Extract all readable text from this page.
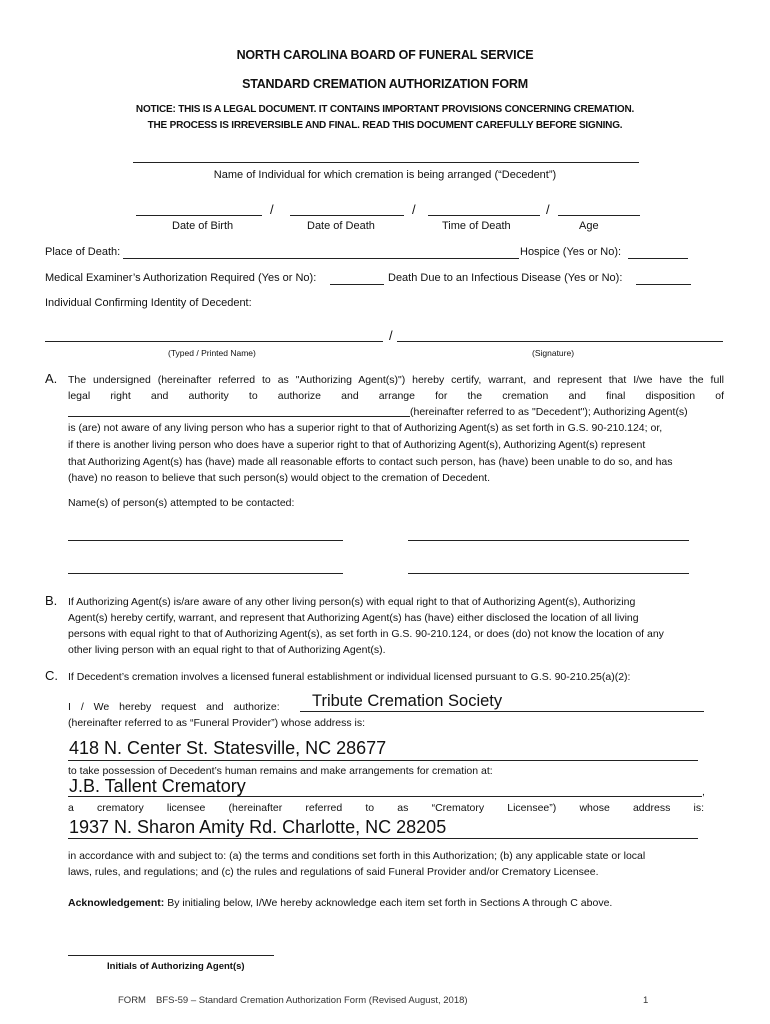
NORTH CAROLINA BOARD OF FUNERAL SERVICE
STANDARD CREMATION AUTHORIZATION FORM
NOTICE: THIS IS A LEGAL DOCUMENT. IT CONTAINS IMPORTANT PROVISIONS CONCERNING CREMATION.
THE PROCESS IS IRREVERSIBLE AND FINAL. READ THIS DOCUMENT CAREFULLY BEFORE SIGNING.
Name of Individual for which cremation is being arranged (“Decedent”)
/	/	/
Date of Birth	Date of Death	Time of Death	Age
Place of Death:	Hospice (Yes or No):
Medical Examiner’s Authorization Required (Yes or No):	Death Due to an Infectious Disease (Yes or No):
Individual Confirming Identity of Decedent:
/
(Typed / Printed Name)	(Signature)
A. The undersigned (hereinafter referred to as "Authorizing Agent(s)") hereby certify, warrant, and represent that I/we have the full
legal right and authority to authorize and arrange for the cremation and final disposition of
(hereinafter referred to as "Decedent"); Authorizing Agent(s)
is (are) not aware of any living person who has a superior right to that of Authorizing Agent(s) as set forth in G.S. 90-210.124; or,
if there is another living person who does have a superior right to that of Authorizing Agent(s), Authorizing Agent(s) represent
that Authorizing Agent(s) has (have) made all reasonable efforts to contact such person, has (have) been unable to do so, and has
(have) no reason to believe that such person(s) would object to the cremation of Decedent.
Name(s) of person(s) attempted to be contacted:
B. If Authorizing Agent(s) is/are aware of any other living person(s) with equal right to that of Authorizing Agent(s), Authorizing
Agent(s) hereby certify, warrant, and represent that Authorizing Agent(s) has (have) either disclosed the location of all living
persons with equal right to that of Authorizing Agent(s), as set forth in G.S. 90-210.124, or does (do) not know the location of any
other living person with an equal right to that of Authorizing Agent(s).
C. If Decedent’s cremation involves a licensed funeral establishment or individual licensed pursuant to G.S. 90-210.25(a)(2):
I / We hereby request and authorize: Tribute Cremation Society
(hereinafter referred to as “Funeral Provider”) whose address is:
418 N. Center St. Statesville, NC 28677
to take possession of Decedent’s human remains and make arrangements for cremation at:
J.B. Tallent Crematory	,
a crematory licensee (hereinafter referred to as “Crematory Licensee”) whose address is:
1937 N. Sharon Amity Rd. Charlotte, NC 28205
in accordance with and subject to: (a) the terms and conditions set forth in this Authorization; (b) any applicable state or local
laws, rules, and regulations; and (c) the rules and regulations of said Funeral Provider and/or Crematory Licensee.
Acknowledgement: By initialing below, I/We hereby acknowledge each item set forth in Sections A through C above.
Initials of Authorizing Agent(s)
FORM BFS-59 – Standard Cremation Authorization Form (Revised August, 2018)	1
